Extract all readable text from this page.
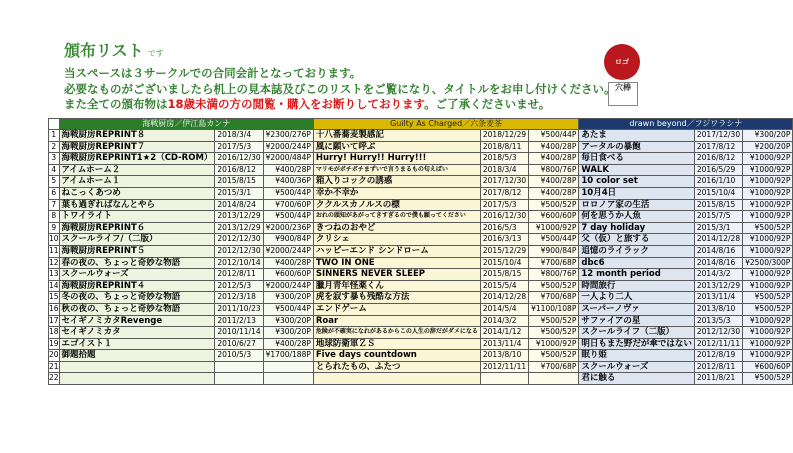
頒布リスト です
当スペースは３サークルでの合同会計となっております。
必要なものがございましたら机上の見本誌及びこのリストをご覧になり、タイトルをお申し付けください。
また全ての頒布物は18歳未満の方の閲覧・購入をお断りしております。ご了承くださいませ。
ロゴ
穴棒
	海戦厨房／伊江島カンナ			Guilty As Charged／六条麦茶			drawn beyond／フジワラシナ		
1	海戦厨房REPRINT８	2018/3/4	¥2300/276P	十八番蕎麦製感記	2018/12/29	¥500/44P	あたま	2017/12/30	¥300/20P
2	海戦厨房REPRINT７	2017/5/3	¥2000/244P	風に願いて呼ぶ	2018/8/11	¥400/28P	アータルの暴飽	2017/8/12	¥200/20P
3	海戦厨房REPRINT1★2（CD-ROM）	2016/12/30	¥2000/484P	Hurry! Hurry!! Hurry!!!	2018/5/3	¥400/28P	毎日食べる	2016/8/12	¥1000/92P
4	アイムホーム２	2016/8/12	¥400/28P	マリモがボチボチまずいで言うまるもの匂えばい	2018/3/4	¥800/76P	WALK	2016/5/29	¥1000/92P
5	アイムホーム１	2015/8/15	¥400/36P	箱入りコックの誘惑	2017/12/30	¥400/28P	10 color set	2016/1/10	¥1000/92P
6	ねこっくあつめ	2015/3/1	¥500/44P	幸か不幸か	2017/8/12	¥400/28P	10月4日	2015/10/4	¥1000/92P
7	葉も過ぎればなんとやら	2014/8/24	¥700/60P	ククルスカノルスの標	2017/5/3	¥500/52P	ロロノア家の生活	2015/8/15	¥1000/92P
8	トワイライト	2013/12/29	¥500/44P	おれの頭知があがってきすぎるので僕も願ってください	2016/12/30	¥600/60P	何を思うか人魚	2015/7/5	¥1000/92P
9	海戦厨房REPRINT６	2013/12/29	¥2000/236P	きつねのおやど	2016/5/3	¥1000/92P	7 day holiday	2015/3/1	¥500/52P
10	スクールライフ/（二版）	2012/12/30	¥900/84P	クリシェ	2016/3/13	¥500/44P	父（仮）と旅する	2014/12/28	¥1000/92P
11	海戦厨房REPRINT５	2012/12/30	¥2000/244P	ハッピーエンド シンドローム	2015/12/29	¥900/84P	追憶のライラック	2014/8/16	¥1000/92P
12	春の夜の、ちょっと奇妙な物語	2012/10/14	¥400/28P	TWO IN ONE	2015/10/4	¥700/68P	dbc6	2014/8/16	¥2500/300P
13	スクールウォーズ	2012/8/11	¥600/60P	SINNERS NEVER SLEEP	2015/8/15	¥800/76P	12 month period	2014/3/2	¥1000/92P
14	海戦厨房REPRINT４	2012/5/3	¥2000/244P	臘月青年怪薬くん	2015/5/4	¥500/52P	時間旅行	2013/12/29	¥1000/92P
15	冬の夜の、ちょっと奇妙な物語	2012/3/18	¥300/20P	虎を寂す暴も残酷な方法	2014/12/28	¥700/68P	一人より二人	2013/11/4	¥500/52P
16	秋の夜の、ちょっと奇妙な物語	2011/10/23	¥500/44P	エンドゲーム	2014/5/4	¥1100/108P	スーパーノヴァ	2013/8/10	¥500/52P
17	セイギノミカタRevenge	2011/2/13	¥300/20P	Roar	2014/3/2	¥500/52P	サファイアの星	2013/5/3	¥1000/92P
18	セイギノミカタ	2010/11/14	¥300/20P	危険が不確実になれがあるからこの人生の辞だがダメになる	2014/1/12	¥500/52P	スクールライフ（二版）	2012/12/30	¥1000/92P
19	エゴイスト１	2010/6/27	¥400/28P	地球防衛軍ＺＳ	2013/11/4	¥1000/92P	明日もまた野だが傘ではない	2012/11/11	¥1000/92P
20	御題拾題	2010/5/3	¥1700/188P	Five days countdown	2013/8/10	¥500/52P	眠り姫	2012/8/19	¥1000/92P
21				とられたもの、ふたつ	2012/11/11	¥700/68P	スクールウォーズ	2012/8/11	¥600/60P
22							君に触る	2011/8/21	¥500/52P
